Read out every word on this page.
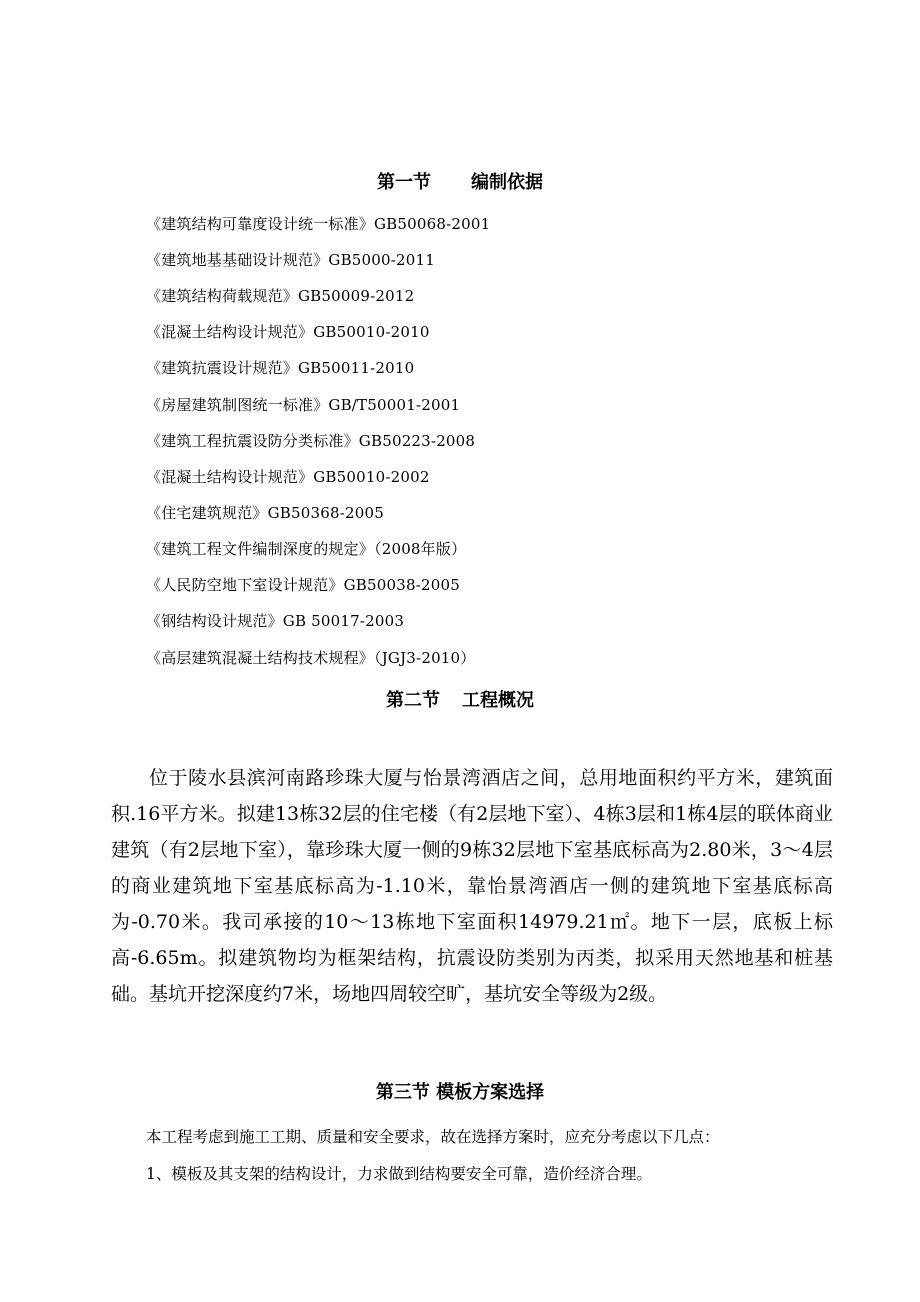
第一节 编制依据
《建筑结构可靠度设计统一标准》GB50068-2001
《建筑地基基础设计规范》GB5000-2011
《建筑结构荷载规范》GB50009-2012
《混凝土结构设计规范》GB50010-2010
《建筑抗震设计规范》GB50011-2010
《房屋建筑制图统一标准》GB/T50001-2001
《建筑工程抗震设防分类标准》GB50223-2008
《混凝土结构设计规范》GB50010-2002
《住宅建筑规范》GB50368-2005
《建筑工程文件编制深度的规定》（2008年版）
《人民防空地下室设计规范》GB50038-2005
《钢结构设计规范》GB 50017-2003
《高层建筑混凝土结构技术规程》（JGJ3-2010）
第二节 工程概况
位于陵水县滨河南路珍珠大厦与怡景湾酒店之间，总用地面积约平方米，建筑面积.16平方米。拟建13栋32层的住宅楼（有2层地下室）、4栋3层和1栋4层的联体商业建筑（有2层地下室），靠珍珠大厦一侧的9栋32层地下室基底标高为2.80米，3～4层的商业建筑地下室基底标高为-1.10米，靠怡景湾酒店一侧的建筑地下室基底标高为-0.70米。我司承接的10～13栋地下室面积14979.21㎡。地下一层，底板上标高-6.65m。拟建筑物均为框架结构，抗震设防类别为丙类，拟采用天然地基和桩基础。基坑开挖深度约7米，场地四周较空旷，基坑安全等级为2级。
第三节 模板方案选择
本工程考虑到施工工期、质量和安全要求，故在选择方案时，应充分考虑以下几点：
1、模板及其支架的结构设计，力求做到结构要安全可靠，造价经济合理。
